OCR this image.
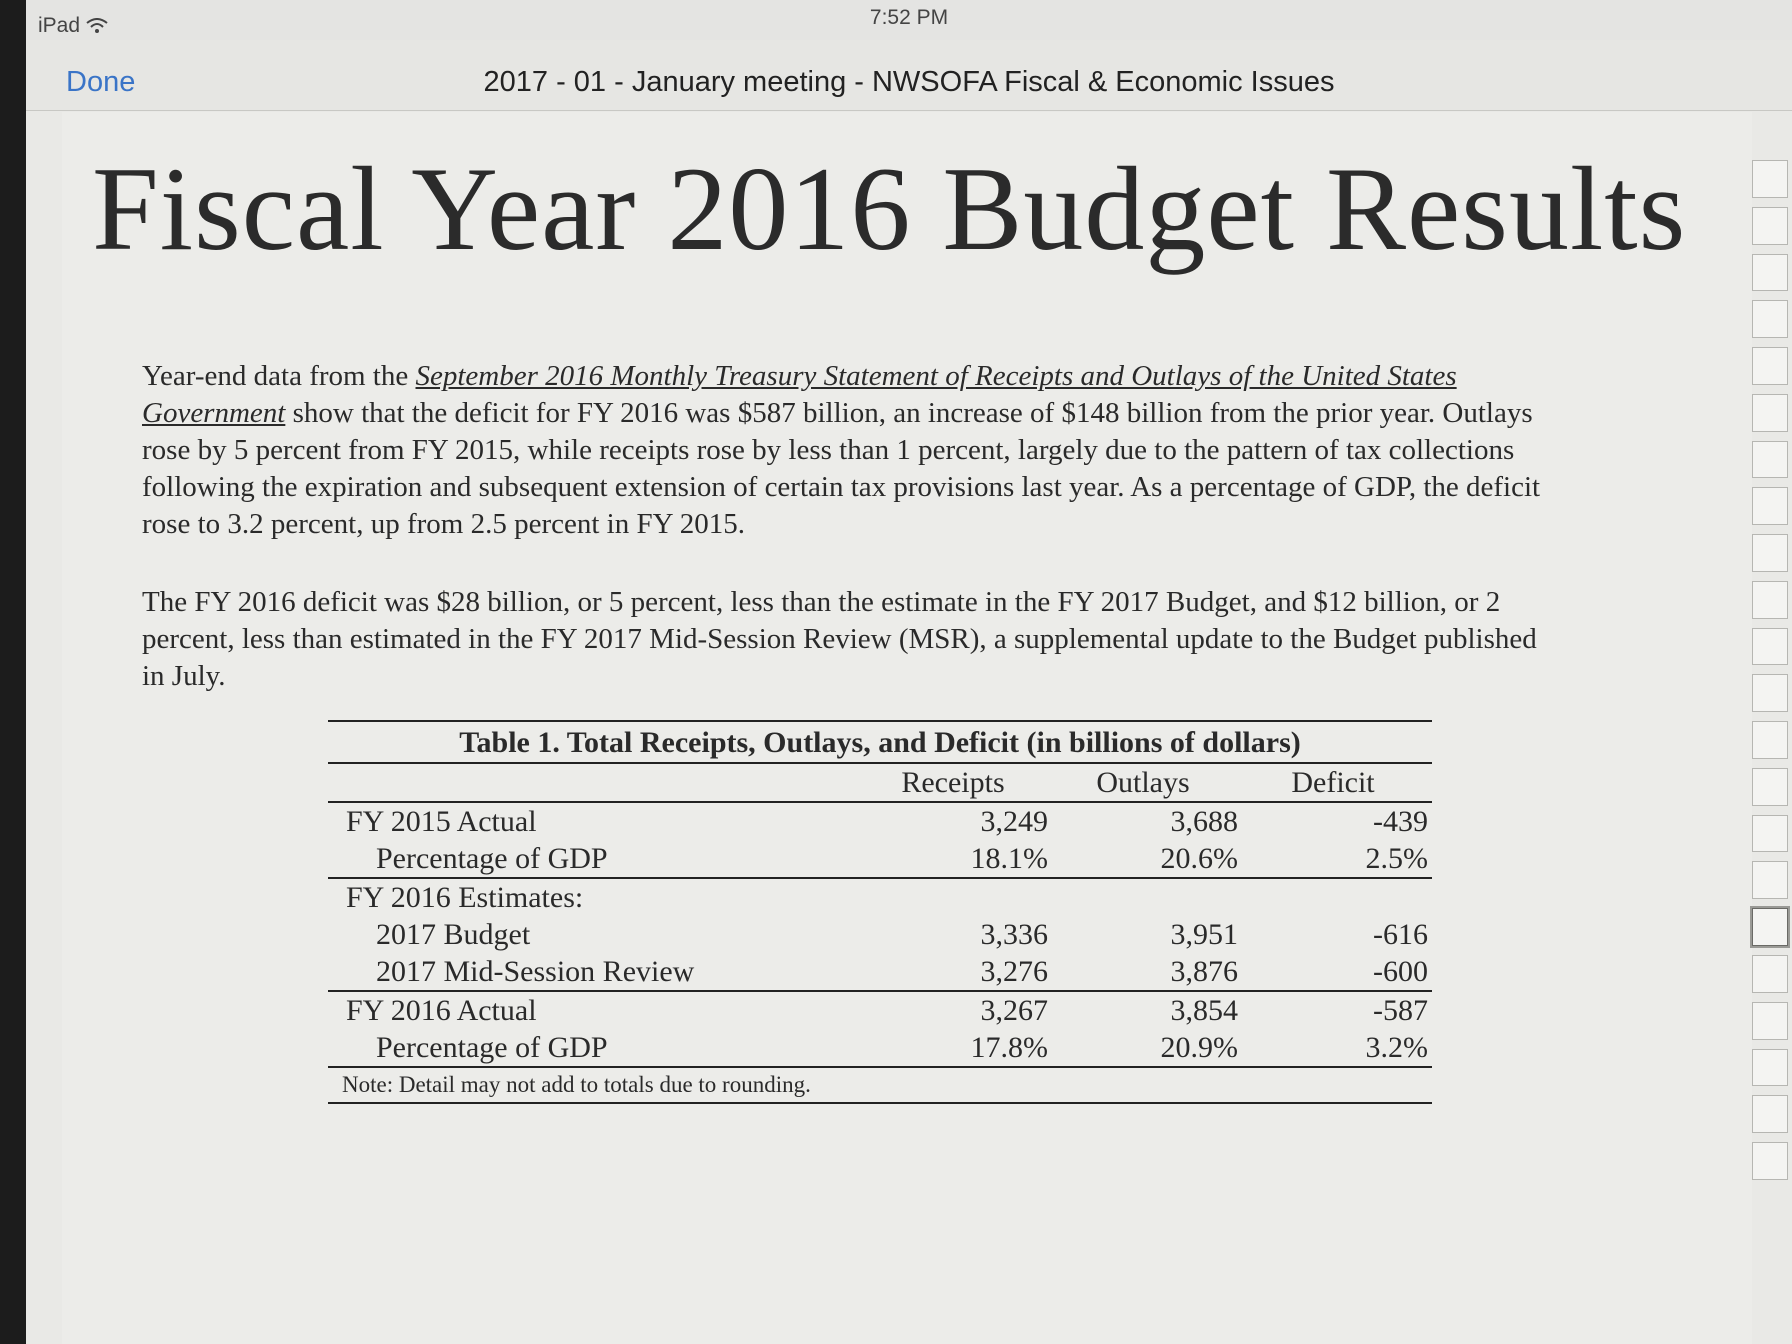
iPad	7:52 PM
Done	2017 - 01 - January meeting - NWSOFA Fiscal & Economic Issues
Fiscal Year 2016 Budget Results

Year-end data from the September 2016 Monthly Treasury Statement of Receipts and Outlays of the United States Government show that the deficit for FY 2016 was $587 billion, an increase of $148 billion from the prior year. Outlays rose by 5 percent from FY 2015, while receipts rose by less than 1 percent, largely due to the pattern of tax collections following the expiration and subsequent extension of certain tax provisions last year. As a percentage of GDP, the deficit rose to 3.2 percent, up from 2.5 percent in FY 2015.

The FY 2016 deficit was $28 billion, or 5 percent, less than the estimate in the FY 2017 Budget, and $12 billion, or 2 percent, less than estimated in the FY 2017 Mid-Session Review (MSR), a supplemental update to the Budget published in July.

Table 1. Total Receipts, Outlays, and Deficit (in billions of dollars)
Receipts	Outlays	Deficit
FY 2015 Actual	3,249	3,688	-439
Percentage of GDP	18.1%	20.6%	2.5%
FY 2016 Estimates:
2017 Budget	3,336	3,951	-616
2017 Mid-Session Review	3,276	3,876	-600
FY 2016 Actual	3,267	3,854	-587
Percentage of GDP	17.8%	20.9%	3.2%
Note: Detail may not add to totals due to rounding.
